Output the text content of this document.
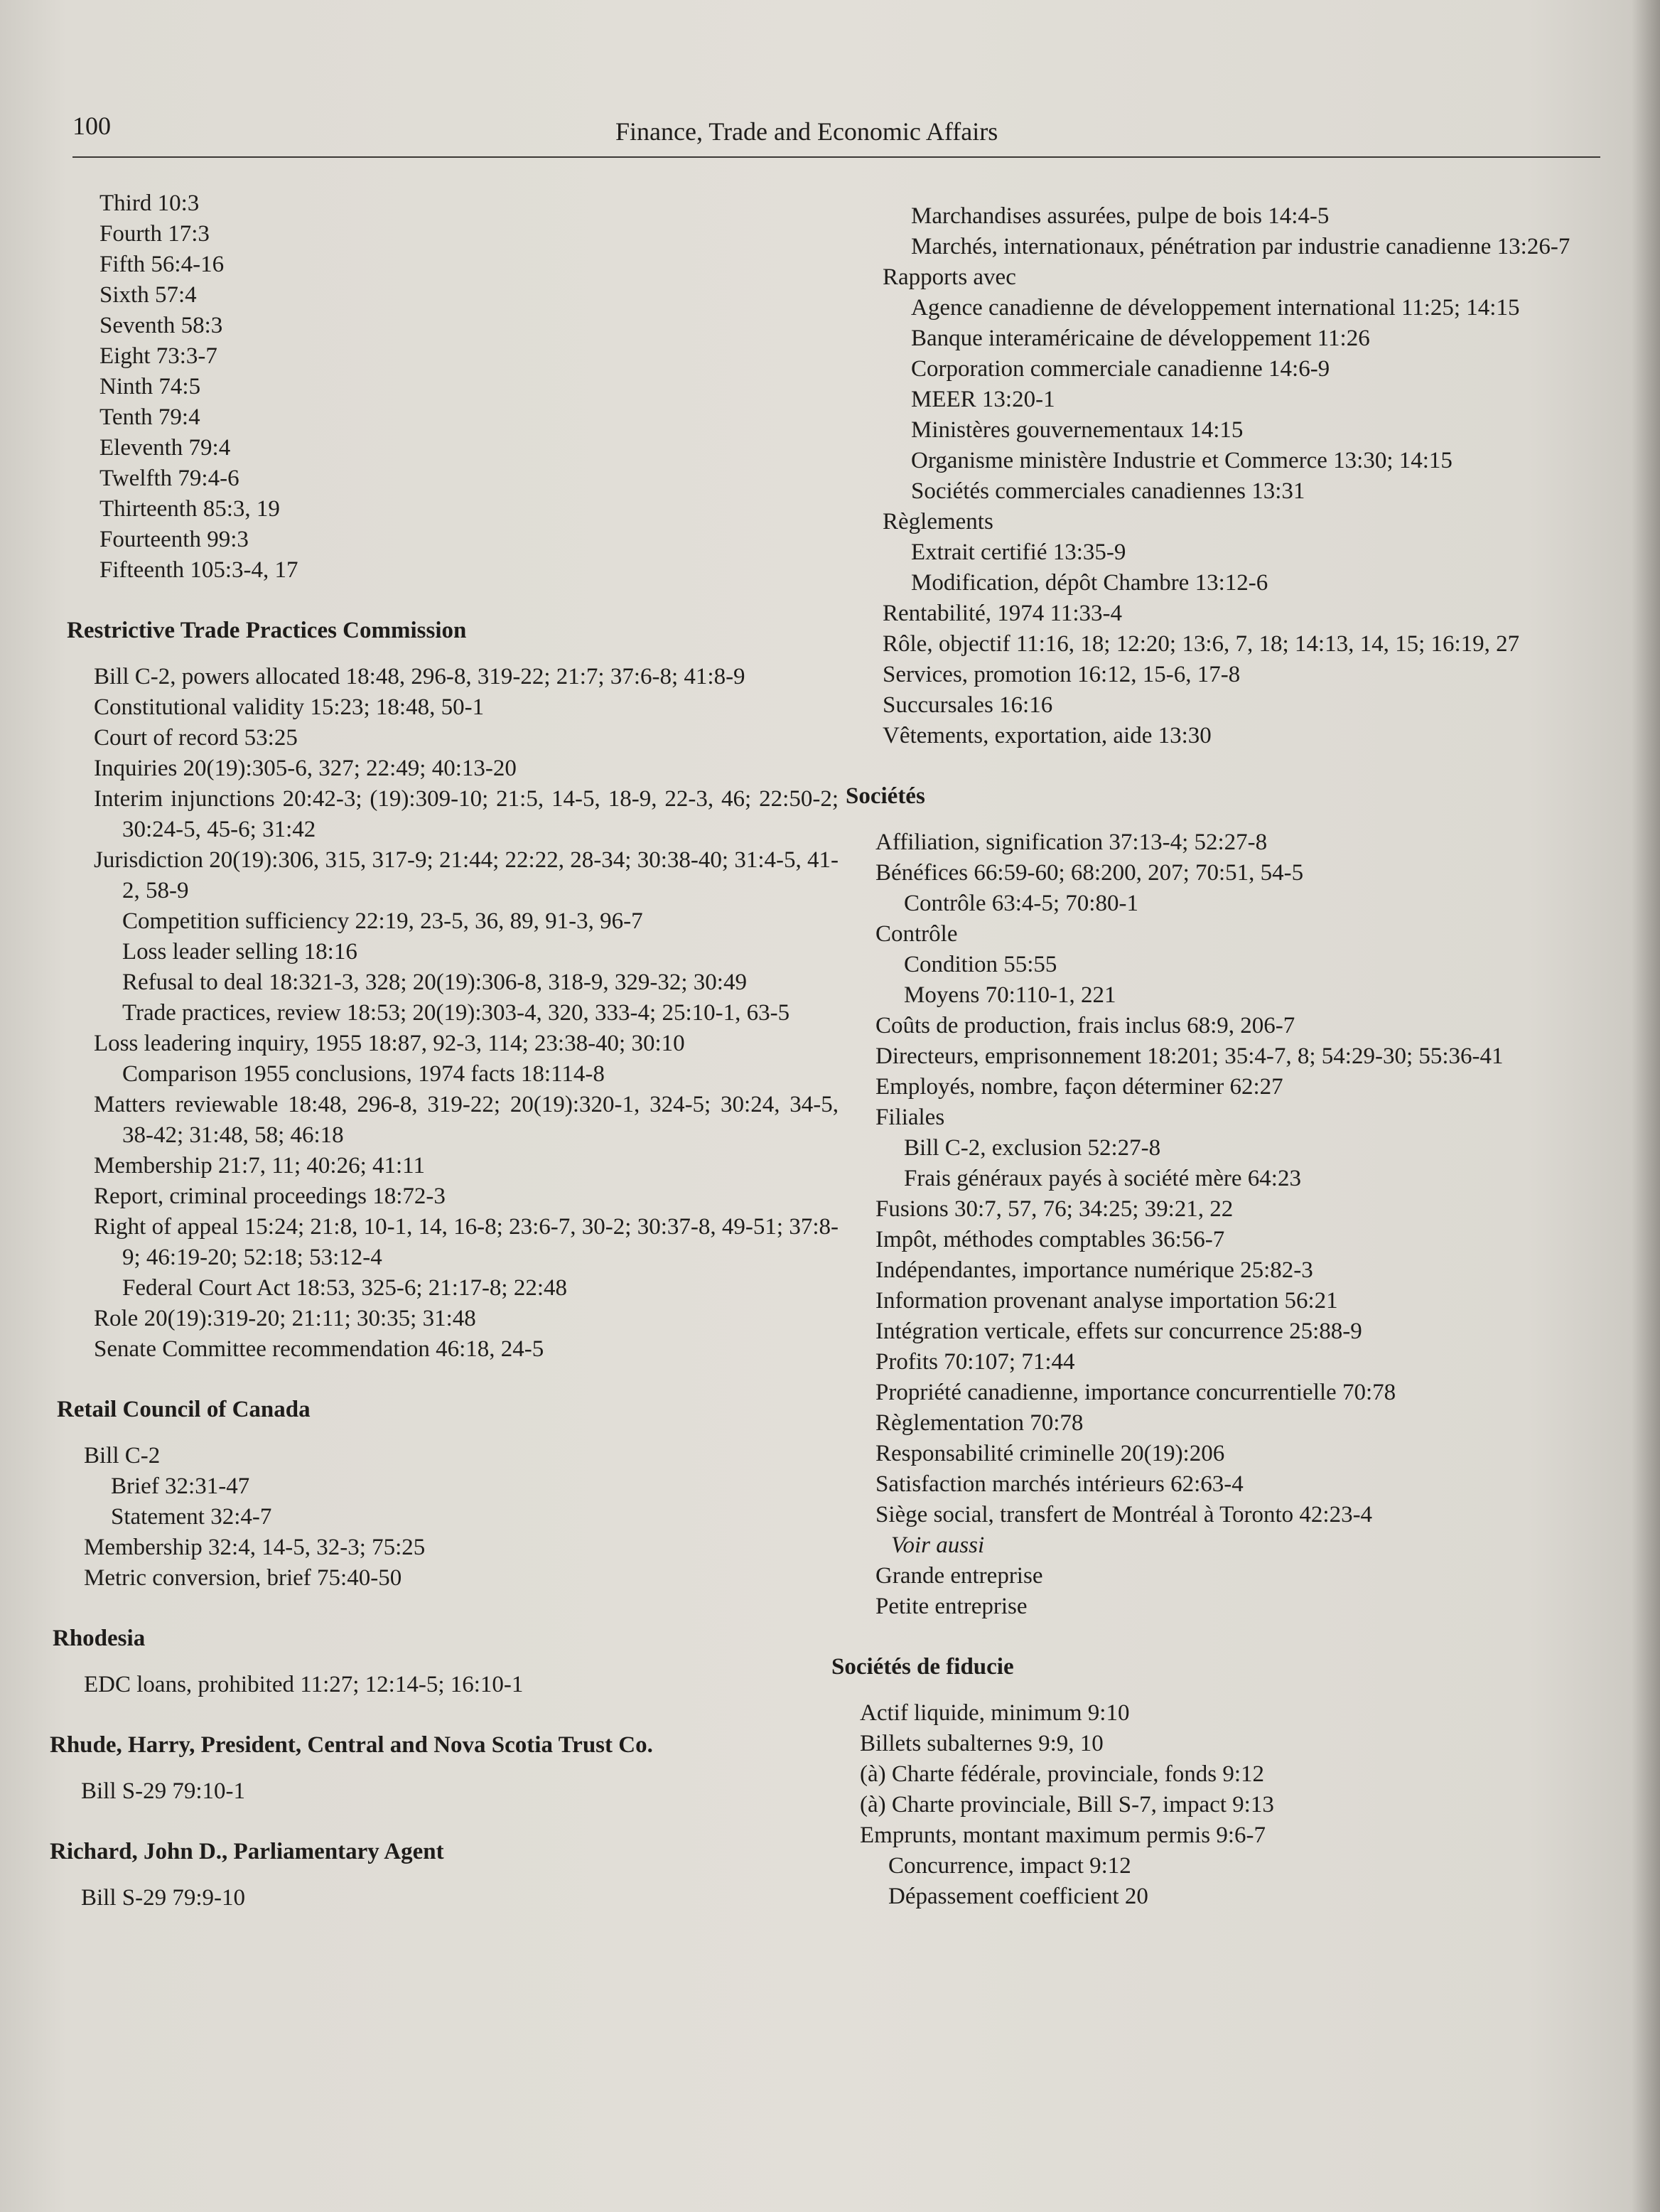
100	Finance, Trade and Economic Affairs
Third 10:3
Fourth 17:3
Fifth 56:4-16
Sixth 57:4
Seventh 58:3
Eight 73:3-7
Ninth 74:5
Tenth 79:4
Eleventh 79:4
Twelfth 79:4-6
Thirteenth 85:3, 19
Fourteenth 99:3
Fifteenth 105:3-4, 17
Restrictive Trade Practices Commission
Bill C-2, powers allocated 18:48, 296-8, 319-22; 21:7; 37:6-8; 41:8-9
Constitutional validity 15:23; 18:48, 50-1
Court of record 53:25
Inquiries 20(19):305-6, 327; 22:49; 40:13-20
Interim injunctions 20:42-3; (19):309-10; 21:5, 14-5, 18-9, 22-3, 46; 22:50-2; 30:24-5, 45-6; 31:42
Jurisdiction 20(19):306, 315, 317-9; 21:44; 22:22, 28-34; 30:38-40; 31:4-5, 41-2, 58-9
Competition sufficiency 22:19, 23-5, 36, 89, 91-3, 96-7
Loss leader selling 18:16
Refusal to deal 18:321-3, 328; 20(19):306-8, 318-9, 329-32; 30:49
Trade practices, review 18:53; 20(19):303-4, 320, 333-4; 25:10-1, 63-5
Loss leadering inquiry, 1955 18:87, 92-3, 114; 23:38-40; 30:10
Comparison 1955 conclusions, 1974 facts 18:114-8
Matters reviewable 18:48, 296-8, 319-22; 20(19):320-1, 324-5; 30:24, 34-5, 38-42; 31:48, 58; 46:18
Membership 21:7, 11; 40:26; 41:11
Report, criminal proceedings 18:72-3
Right of appeal 15:24; 21:8, 10-1, 14, 16-8; 23:6-7, 30-2; 30:37-8, 49-51; 37:8-9; 46:19-20; 52:18; 53:12-4
Federal Court Act 18:53, 325-6; 21:17-8; 22:48
Role 20(19):319-20; 21:11; 30:35; 31:48
Senate Committee recommendation 46:18, 24-5
Retail Council of Canada
Bill C-2
Brief 32:31-47
Statement 32:4-7
Membership 32:4, 14-5, 32-3; 75:25
Metric conversion, brief 75:40-50
Rhodesia
EDC loans, prohibited 11:27; 12:14-5; 16:10-1
Rhude, Harry, President, Central and Nova Scotia Trust Co.
Bill S-29 79:10-1
Richard, John D., Parliamentary Agent
Bill S-29 79:9-10
Marchandises assurées, pulpe de bois 14:4-5
Marchés, internationaux, pénétration par industrie canadienne 13:26-7
Rapports avec
Agence canadienne de développement international 11:25; 14:15
Banque interaméricaine de développement 11:26
Corporation commerciale canadienne 14:6-9
MEER 13:20-1
Ministères gouvernementaux 14:15
Organisme ministère Industrie et Commerce 13:30; 14:15
Sociétés commerciales canadiennes 13:31
Règlements
Extrait certifié 13:35-9
Modification, dépôt Chambre 13:12-6
Rentabilité, 1974 11:33-4
Rôle, objectif 11:16, 18; 12:20; 13:6, 7, 18; 14:13, 14, 15; 16:19, 27
Services, promotion 16:12, 15-6, 17-8
Succursales 16:16
Vêtements, exportation, aide 13:30
Sociétés
Affiliation, signification 37:13-4; 52:27-8
Bénéfices 66:59-60; 68:200, 207; 70:51, 54-5
Contrôle 63:4-5; 70:80-1
Contrôle
Condition 55:55
Moyens 70:110-1, 221
Coûts de production, frais inclus 68:9, 206-7
Directeurs, emprisonnement 18:201; 35:4-7, 8; 54:29-30; 55:36-41
Employés, nombre, façon déterminer 62:27
Filiales
Bill C-2, exclusion 52:27-8
Frais généraux payés à société mère 64:23
Fusions 30:7, 57, 76; 34:25; 39:21, 22
Impôt, méthodes comptables 36:56-7
Indépendantes, importance numérique 25:82-3
Information provenant analyse importation 56:21
Intégration verticale, effets sur concurrence 25:88-9
Profits 70:107; 71:44
Propriété canadienne, importance concurrentielle 70:78
Règlementation 70:78
Responsabilité criminelle 20(19):206
Satisfaction marchés intérieurs 62:63-4
Siège social, transfert de Montréal à Toronto 42:23-4
Voir aussi
Grande entreprise
Petite entreprise
Sociétés de fiducie
Actif liquide, minimum 9:10
Billets subalternes 9:9, 10
(à) Charte fédérale, provinciale, fonds 9:12
(à) Charte provinciale, Bill S-7, impact 9:13
Emprunts, montant maximum permis 9:6-7
Concurrence, impact 9:12
Dépassement coefficient 20
